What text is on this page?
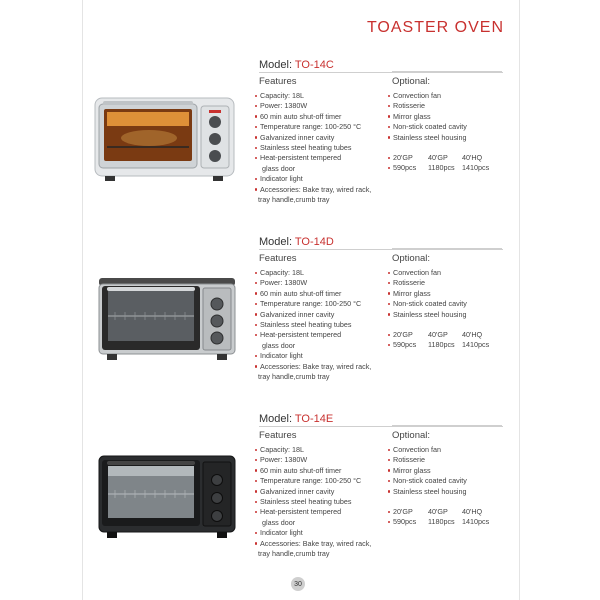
TOASTER OVEN
Model: TO-14C
Features	Optional:
Capacity: 18L
Power: 1380W
60 min auto shut-off timer
Temperature range: 100-250 °C
Galvanized inner cavity
Stainless steel heating tubes
Heat-persistent tempered
glass door
Indicator light
Accessories: Bake tray, wired rack,
tray handle,crumb tray
Convection fan
Rotisserie
Mirror glass
Non-stick coated cavity
Stainless steel housing
20'GP 40'GP 40'HQ
590pcs 1180pcs 1410pcs
Model: TO-14D
Features	Optional:
Capacity: 18L
Power: 1380W
60 min auto shut-off timer
Temperature range: 100-250 °C
Galvanized inner cavity
Stainless steel heating tubes
Heat-persistent tempered
glass door
Indicator light
Accessories: Bake tray, wired rack,
tray handle,crumb tray
Convection fan
Rotisserie
Mirror glass
Non-stick coated cavity
Stainless steel housing
20'GP 40'GP 40'HQ
590pcs 1180pcs 1410pcs
Model: TO-14E
Features	Optional:
Capacity: 18L
Power: 1380W
60 min auto shut-off timer
Temperature range: 100-250 °C
Galvanized inner cavity
Stainless steel heating tubes
Heat-persistent tempered
glass door
Indicator light
Accessories: Bake tray, wired rack,
tray handle,crumb tray
Convection fan
Rotisserie
Mirror glass
Non-stick coated cavity
Stainless steel housing
20'GP 40'GP 40'HQ
590pcs 1180pcs 1410pcs
30
